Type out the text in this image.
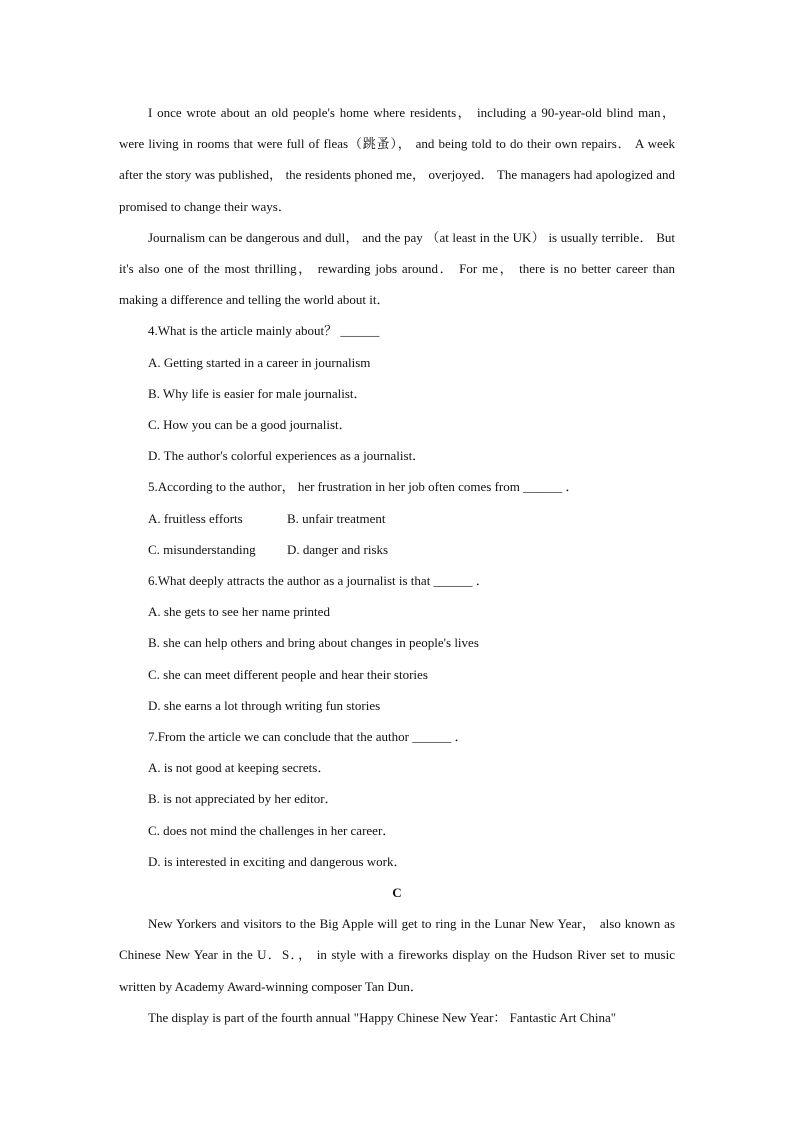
I once wrote about an old people's home where residents， including a 90-year-old blind man， were living in rooms that were full of fleas（跳蚤）， and being told to do their own repairs． A week after the story was published， the residents phoned me， overjoyed． The managers had apologized and promised to change their ways．

Journalism can be dangerous and dull， and the pay （at least in the UK） is usually terrible． But it's also one of the most thrilling， rewarding jobs around． For me， there is no better career than making a difference and telling the world about it．

4.What is the article mainly about？ ______

A. Getting started in a career in journalism

B. Why life is easier for male journalist．

C. How you can be a good journalist．

D. The author's colorful experiences as a journalist．

5.According to the author， her frustration in her job often comes from ______ ．

A. fruitless efforts	B. unfair treatment

C. misunderstanding D. danger and risks

6.What deeply attracts the author as a journalist is that ______ ．

A. she gets to see her name printed

B. she can help others and bring about changes in people's lives

C. she can meet different people and hear their stories

D. she earns a lot through writing fun stories

7.From the article we can conclude that the author ______ ．

A. is not good at keeping secrets．

B. is not appreciated by her editor．

C. does not mind the challenges in her career．

D. is interested in exciting and dangerous work．

C

New Yorkers and visitors to the Big Apple will get to ring in the Lunar New Year， also known as Chinese New Year in the U．S．， in style with a fireworks display on the Hudson River set to music written by Academy Award-winning composer Tan Dun．

The display is part of the fourth annual "Happy Chinese New Year： Fantastic Art China"
